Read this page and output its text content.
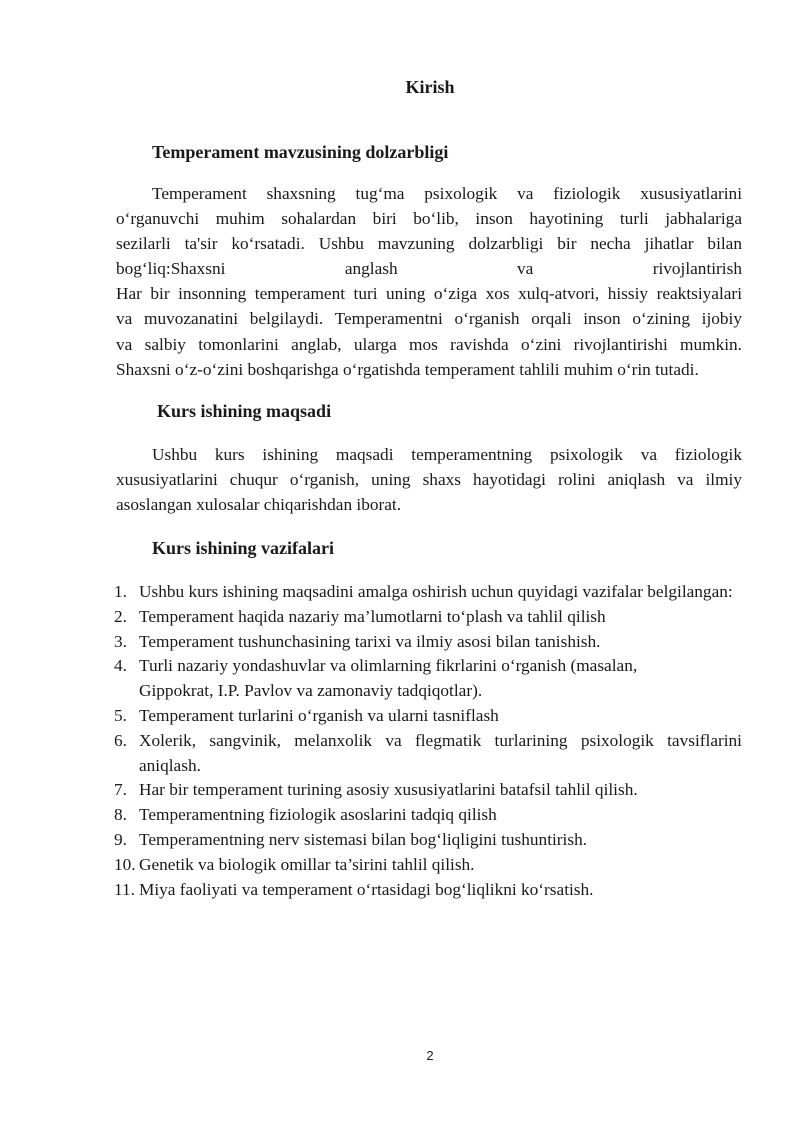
Kirish
Temperament mavzusining dolzarbligi
Temperament shaxsning tug‘ma psixologik va fiziologik xususiyatlarini
o‘rganuvchi muhim sohalardan biri bo‘lib, inson hayotining turli jabhalariga
sezilarli ta'sir ko‘rsatadi. Ushbu mavzuning dolzarbligi bir necha jihatlar bilan
bog‘liq:Shaxsni	anglash	va	rivojlantirish
Har bir insonning temperament turi uning o‘ziga xos xulq-atvori, hissiy reaktsiyalari
va muvozanatini belgilaydi. Temperamentni o‘rganish orqali inson o‘zining ijobiy
va salbiy tomonlarini anglab, ularga mos ravishda o‘zini rivojlantirishi mumkin.
Shaxsni o‘z-o‘zini boshqarishga o‘rgatishda temperament tahlili muhim o‘rin tutadi.
Kurs ishining maqsadi

Ushbu kurs ishining maqsadi temperamentning psixologik va fiziologik xususiyatlarini chuqur o‘rganish, uning shaxs hayotidagi rolini aniqlash va ilmiy asoslangan xulosalar chiqarishdan iborat.

Kurs ishining vazifalari
1. Ushbu kurs ishining maqsadini amalga oshirish uchun quyidagi vazifalar belgilangan:
2. Temperament haqida nazariy ma’lumotlarni to‘plash va tahlil qilish
3. Temperament tushunchasining tarixi va ilmiy asosi bilan tanishish.
4. Turli nazariy yondashuvlar va olimlarning fikrlarini o‘rganish (masalan,
Gippokrat, I.P. Pavlov va zamonaviy tadqiqotlar).
5. Temperament turlarini o‘rganish va ularni tasniflash
6. Xolerik, sangvinik, melanxolik va flegmatik turlarining psixologik tavsiflarini aniqlash.
7. Har bir temperament turining asosiy xususiyatlarini batafsil tahlil qilish.
8. Temperamentning fiziologik asoslarini tadqiq qilish
9. Temperamentning nerv sistemasi bilan bog‘liqligini tushuntirish.
10. Genetik va biologik omillar ta’sirini tahlil qilish.
11. Miya faoliyati va temperament o‘rtasidagi bog‘liqlikni ko‘rsatish.
2
